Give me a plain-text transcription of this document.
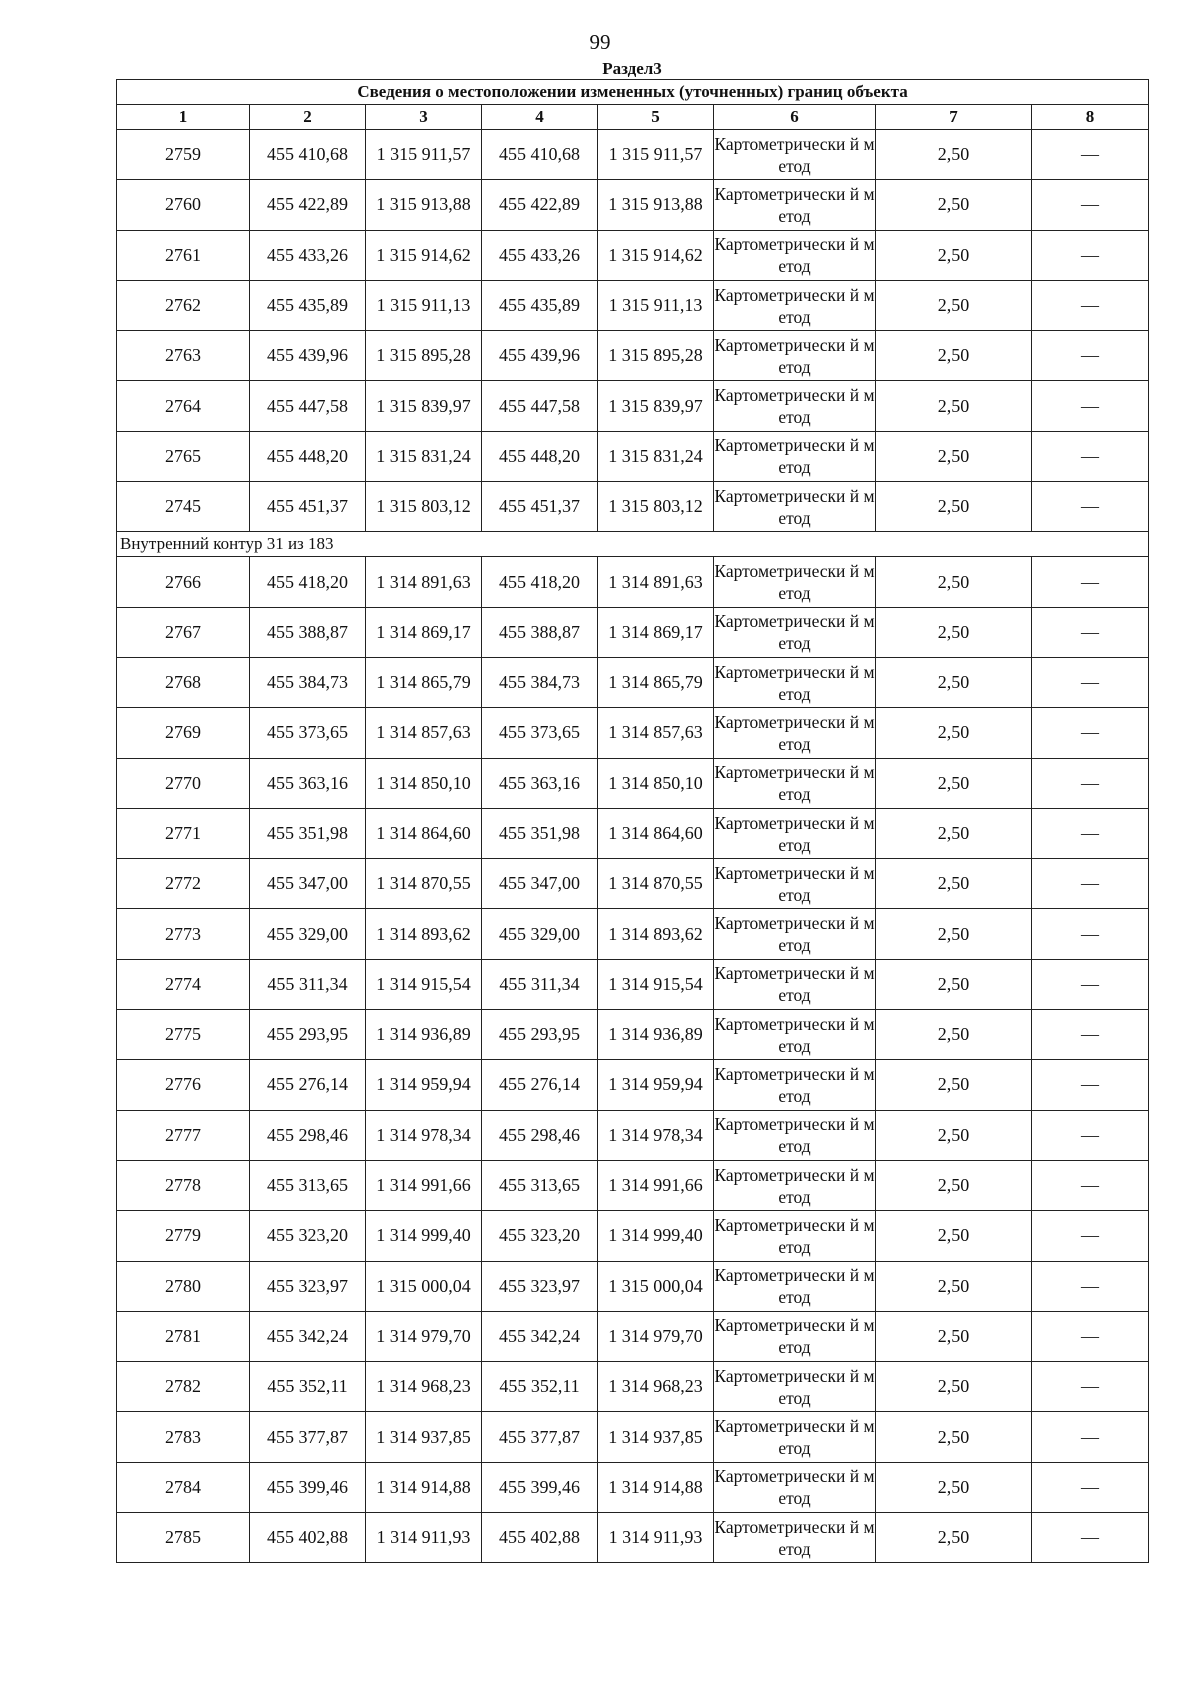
99
Раздел3
Сведения о местоположении измененных (уточненных) границ объекта							
1	2	3	4	5	6	7	8
2759	455 410,68	1 315 911,57	455 410,68	1 315 911,57	Картометрически й метод	2,50	—
2760	455 422,89	1 315 913,88	455 422,89	1 315 913,88	Картометрически й метод	2,50	—
2761	455 433,26	1 315 914,62	455 433,26	1 315 914,62	Картометрически й метод	2,50	—
2762	455 435,89	1 315 911,13	455 435,89	1 315 911,13	Картометрически й метод	2,50	—
2763	455 439,96	1 315 895,28	455 439,96	1 315 895,28	Картометрически й метод	2,50	—
2764	455 447,58	1 315 839,97	455 447,58	1 315 839,97	Картометрически й метод	2,50	—
2765	455 448,20	1 315 831,24	455 448,20	1 315 831,24	Картометрически й метод	2,50	—
2745	455 451,37	1 315 803,12	455 451,37	1 315 803,12	Картометрически й метод	2,50	—
Внутренний контур 31 из 183							
2766	455 418,20	1 314 891,63	455 418,20	1 314 891,63	Картометрически й метод	2,50	—
2767	455 388,87	1 314 869,17	455 388,87	1 314 869,17	Картометрически й метод	2,50	—
2768	455 384,73	1 314 865,79	455 384,73	1 314 865,79	Картометрически й метод	2,50	—
2769	455 373,65	1 314 857,63	455 373,65	1 314 857,63	Картометрически й метод	2,50	—
2770	455 363,16	1 314 850,10	455 363,16	1 314 850,10	Картометрически й метод	2,50	—
2771	455 351,98	1 314 864,60	455 351,98	1 314 864,60	Картометрически й метод	2,50	—
2772	455 347,00	1 314 870,55	455 347,00	1 314 870,55	Картометрически й метод	2,50	—
2773	455 329,00	1 314 893,62	455 329,00	1 314 893,62	Картометрически й метод	2,50	—
2774	455 311,34	1 314 915,54	455 311,34	1 314 915,54	Картометрически й метод	2,50	—
2775	455 293,95	1 314 936,89	455 293,95	1 314 936,89	Картометрически й метод	2,50	—
2776	455 276,14	1 314 959,94	455 276,14	1 314 959,94	Картометрически й метод	2,50	—
2777	455 298,46	1 314 978,34	455 298,46	1 314 978,34	Картометрически й метод	2,50	—
2778	455 313,65	1 314 991,66	455 313,65	1 314 991,66	Картометрически й метод	2,50	—
2779	455 323,20	1 314 999,40	455 323,20	1 314 999,40	Картометрически й метод	2,50	—
2780	455 323,97	1 315 000,04	455 323,97	1 315 000,04	Картометрически й метод	2,50	—
2781	455 342,24	1 314 979,70	455 342,24	1 314 979,70	Картометрически й метод	2,50	—
2782	455 352,11	1 314 968,23	455 352,11	1 314 968,23	Картометрически й метод	2,50	—
2783	455 377,87	1 314 937,85	455 377,87	1 314 937,85	Картометрически й метод	2,50	—
2784	455 399,46	1 314 914,88	455 399,46	1 314 914,88	Картометрически й метод	2,50	—
2785	455 402,88	1 314 911,93	455 402,88	1 314 911,93	Картометрически й метод	2,50	—
